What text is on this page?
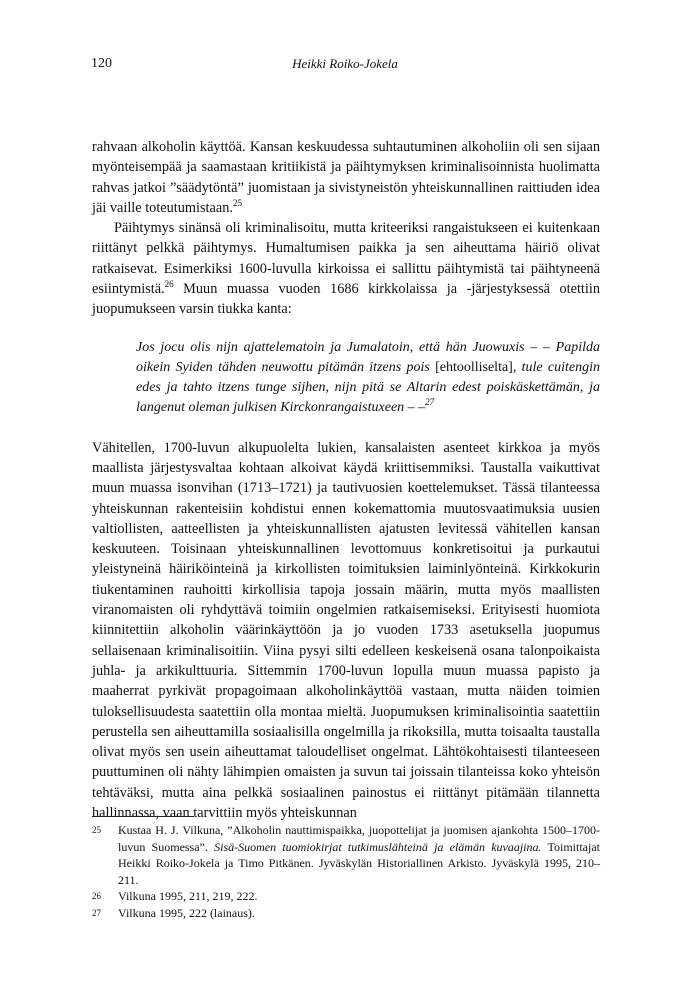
120	Heikki Roiko-Jokela

rahvaan alkoholin käyttöä. Kansan keskuudessa suhtautuminen alkoholiin oli sen sijaan myönteisempää ja saamastaan kritiikistä ja päihtymyksen kriminalisoinnista huolimatta rahvas jatkoi ”säädytöntä” juomistaan ja sivistyneistön yhteiskunnallinen raittiuden idea jäi vaille toteutumistaan.$^{25}$

Päihtymys sinänsä oli kriminalisoitu, mutta kriteeriksi rangaistukseen ei kuitenkaan riittänyt pelkkä päihtymys. Humaltumisen paikka ja sen aiheuttama häiriö olivat ratkaisevat. Esimerkiksi 1600-luvulla kirkoissa ei sallittu päihtymistä tai päihtyneenä esiintymistä.$^{26}$ Muun muassa vuoden 1686 kirkkolaissa ja -järjestyksessä otettiin juopumukseen varsin tiukka kanta:

Jos jocu olis nijn ajattelematoin ja Jumalatoin, että hän Juowuxis – – Papilda oikein Syiden tähden neuwottu pitämän itzens pois [ehtoolliselta], tule cuitengin edes ja tahto itzens tunge sijhen, nijn pitä se Altarin edest poiskäskettämän, ja langenut oleman julkisen Kirckonrangaistuxeen – –$^{27}$

Vähitellen, 1700-luvun alkupuolelta lukien, kansalaisten asenteet kirkkoa ja myös maallista järjestysvaltaa kohtaan alkoivat käydä kriittisemmiksi. Taustalla vaikuttivat muun muassa isonvihan (1713–1721) ja tautivuosien koettelemukset. Tässä tilanteessa yhteiskunnan rakenteisiin kohdistui ennen kokemattomia muutosvaatimuksia uusien valtiollisten, aatteellisten ja yhteiskunnallisten ajatusten levitessä vähitellen kansan keskuuteen. Toisinaan yhteiskunnallinen levottomuus konkretisoitui ja purkautui yleistyneinä häiriköinteinä ja kirkollisten toimituksien laiminlyönteinä. Kirkkokurin tiukentaminen rauhoitti kirkollisia tapoja jossain määrin, mutta myös maallisten viranomaisten oli ryhdyttävä toimiin ongelmien ratkaisemiseksi. Erityisesti huomiota kiinnitettiin alkoholin väärinkäyttöön ja jo vuoden 1733 asetuksella juopumus sellaisenaan kriminalisoitiin. Viina pysyi silti edelleen keskeisenä osana talonpoikaista juhla- ja arkikulttuuria. Sittemmin 1700-luvun lopulla muun muassa papisto ja maaherrat pyrkivät propagoimaan alkoholinkäyttöä vastaan, mutta näiden toimien tuloksellisuudesta saatettiin olla montaa mieltä. Juopumuksen kriminalisointia saatettiin perustella sen aiheuttamilla sosiaalisilla ongelmilla ja rikoksilla, mutta toisaalta taustalla olivat myös sen usein aiheuttamat taloudelliset ongelmat. Lähtökohtaisesti tilanteeseen puuttuminen oli nähty lähimpien omaisten ja suvun tai joissain tilanteissa koko yhteisön tehtäväksi, mutta aina pelkkä sosiaalinen painostus ei riittänyt pitämään tilannetta hallinnassa, vaan tarvittiin myös yhteiskunnan

25 Kustaa H. J. Vilkuna, ”Alkoholin nauttimispaikka, juopottelijat ja juomisen ajankohta 1500–1700-luvun Suomessa”. Sisä-Suomen tuomiokirjat tutkimuslähteinä ja elämän kuvaajina. Toimittajat Heikki Roiko-Jokela ja Timo Pitkänen. Jyväskylän Historiallinen Arkisto. Jyväskylä 1995, 210–211.

26 Vilkuna 1995, 211, 219, 222.

27 Vilkuna 1995, 222 (lainaus).
